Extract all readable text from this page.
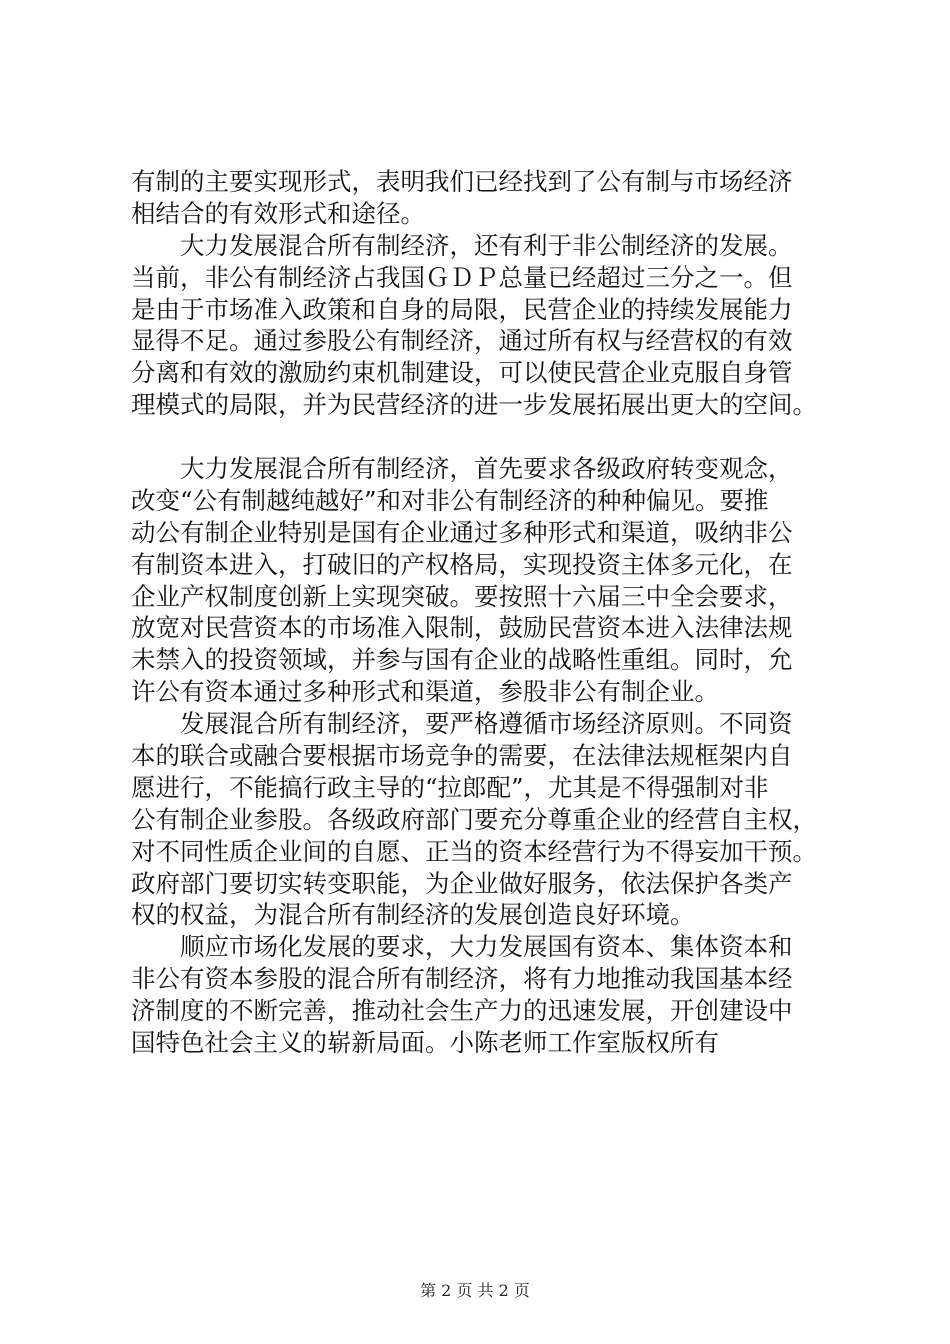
有制的主要实现形式，表明我们已经找到了公有制与市场经济
相结合的有效形式和途径。
　　大力发展混合所有制经济，还有利于非公制经济的发展。
当前，非公有制经济占我国ＧＤＰ总量已经超过三分之一。但
是由于市场准入政策和自身的局限，民营企业的持续发展能力
显得不足。通过参股公有制经济，通过所有权与经营权的有效
分离和有效的激励约束机制建设，可以使民营企业克服自身管
理模式的局限，并为民营经济的进一步发展拓展出更大的空间。
　　大力发展混合所有制经济，首先要求各级政府转变观念，
改变“公有制越纯越好”和对非公有制经济的种种偏见。要推
动公有制企业特别是国有企业通过多种形式和渠道，吸纳非公
有制资本进入，打破旧的产权格局，实现投资主体多元化，在
企业产权制度创新上实现突破。要按照十六届三中全会要求，
放宽对民营资本的市场准入限制，鼓励民营资本进入法律法规
未禁入的投资领域，并参与国有企业的战略性重组。同时，允
许公有资本通过多种形式和渠道，参股非公有制企业。
　　发展混合所有制经济，要严格遵循市场经济原则。不同资
本的联合或融合要根据市场竞争的需要，在法律法规框架内自
愿进行，不能搞行政主导的“拉郎配”，尤其是不得强制对非
公有制企业参股。各级政府部门要充分尊重企业的经营自主权，
对不同性质企业间的自愿、正当的资本经营行为不得妄加干预。
政府部门要切实转变职能，为企业做好服务，依法保护各类产
权的权益，为混合所有制经济的发展创造良好环境。
　　顺应市场化发展的要求，大力发展国有资本、集体资本和
非公有资本参股的混合所有制经济，将有力地推动我国基本经
济制度的不断完善，推动社会生产力的迅速发展，开创建设中
国特色社会主义的崭新局面。小陈老师工作室版权所有
第 2 页 共 2 页
